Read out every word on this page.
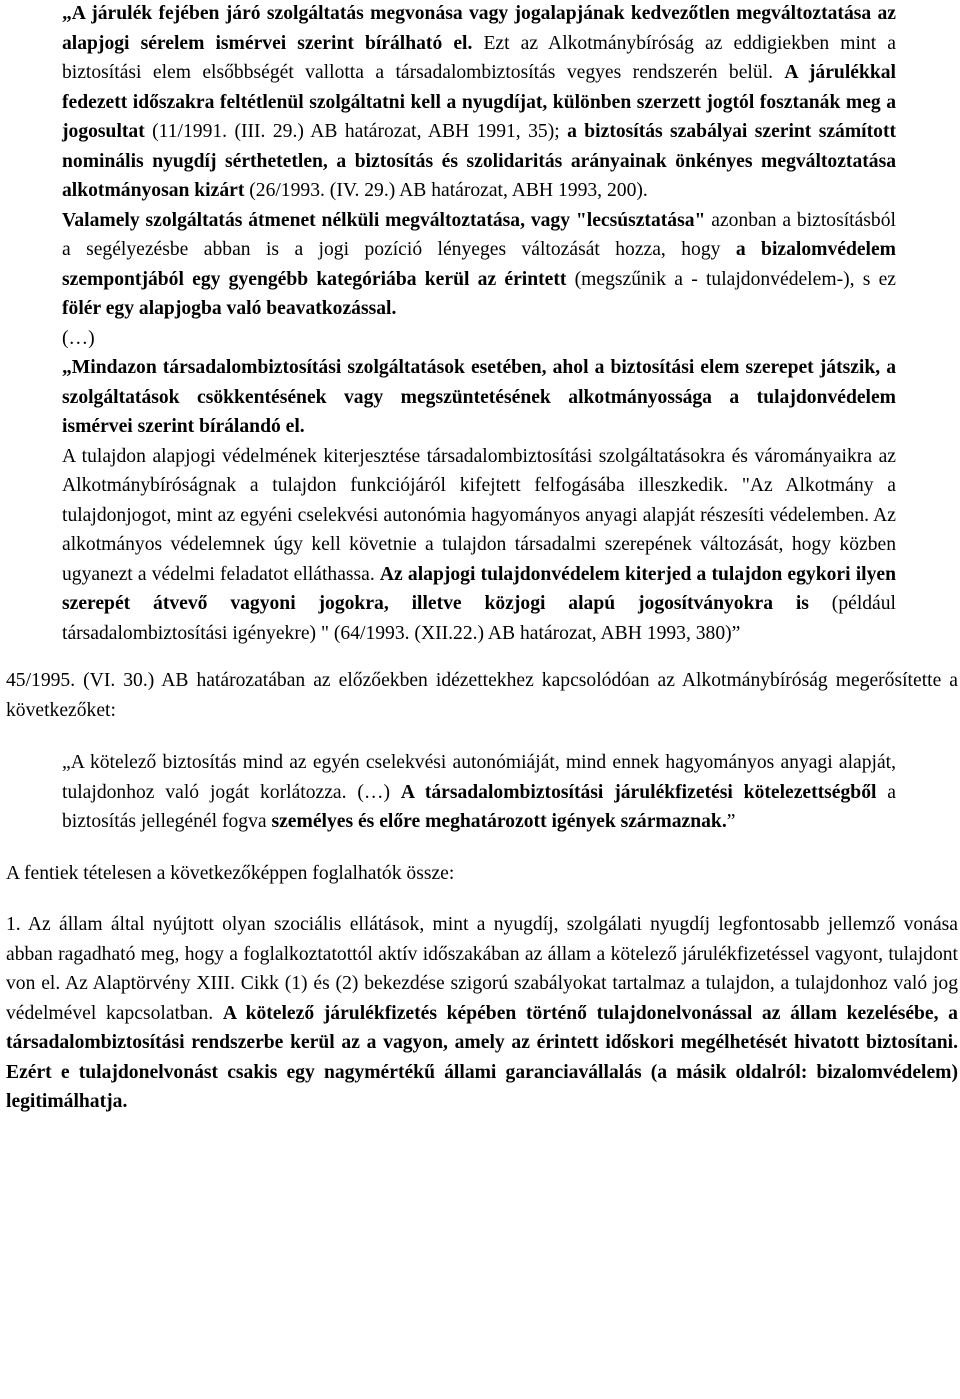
„A járulék fejében járó szolgáltatás megvonása vagy jogalapjának kedvezőtlen megváltoztatása az alapjogi sérelem ismérvei szerint bírálható el. Ezt az Alkotmánybíróság az eddigiekben mint a biztosítási elem elsőbbségét vallotta a társadalombiztosítás vegyes rendszerén belül. A járulékkal fedezett időszakra feltétlenül szolgáltatni kell a nyugdíjat, különben szerzett jogtól fosztanák meg a jogosultat (11/1991. (III. 29.) AB határozat, ABH 1991, 35); a biztosítás szabályai szerint számított nominális nyugdíj sérthetetlen, a biztosítás és szolidaritás arányainak önkényes megváltoztatása alkotmányosan kizárt (26/1993. (IV. 29.) AB határozat, ABH 1993, 200).

Valamely szolgáltatás átmenet nélküli megváltoztatása, vagy "lecsúsztatása" azonban a biztosításból a segélyezésbe abban is a jogi pozíció lényeges változását hozza, hogy a bizalomvédelem szempontjából egy gyengébb kategóriába kerül az érintett (megszűnik a - tulajdonvédelem-), s ez fölér egy alapjogba való beavatkozással.

(…)

„Mindazon társadalombiztosítási szolgáltatások esetében, ahol a biztosítási elem szerepet játszik, a szolgáltatások csökkentésének vagy megszüntetésének alkotmányossága a tulajdonvédelem ismérvei szerint bírálandó el.

A tulajdon alapjogi védelmének kiterjesztése társadalombiztosítási szolgáltatásokra és várományaikra az Alkotmánybíróságnak a tulajdon funkciójáról kifejtett felfogásába illeszkedik. "Az Alkotmány a tulajdonjogot, mint az egyéni cselekvési autonómia hagyományos anyagi alapját részesíti védelemben. Az alkotmányos védelemnek úgy kell követnie a tulajdon társadalmi szerepének változását, hogy közben ugyanezt a védelmi feladatot elláthassa. Az alapjogi tulajdonvédelem kiterjed a tulajdon egykori ilyen szerepét átvevő vagyoni jogokra, illetve közjogi alapú jogosítványokra is (például társadalombiztosítási igényekre) " (64/1993. (XII.22.) AB határozat, ABH 1993, 380)”

45/1995. (VI. 30.) AB határozatában az előzőekben idézettekhez kapcsolódóan az Alkotmánybíróság megerősítette a következőket:

„A kötelező biztosítás mind az egyén cselekvési autonómiáját, mind ennek hagyományos anyagi alapját, tulajdonhoz való jogát korlátozza. (…) A társadalombiztosítási járulékfizetési kötelezettségből a biztosítás jellegénél fogva személyes és előre meghatározott igények származnak.”

A fentiek tételesen a következőképpen foglalhatók össze:

1. Az állam által nyújtott olyan szociális ellátások, mint a nyugdíj, szolgálati nyugdíj legfontosabb jellemző vonása abban ragadható meg, hogy a foglalkoztatottól aktív időszakában az állam a kötelező járulékfizetéssel vagyont, tulajdont von el. Az Alaptörvény XIII. Cikk (1) és (2) bekezdése szigorú szabályokat tartalmaz a tulajdon, a tulajdonhoz való jog védelmével kapcsolatban. A kötelező járulékfizetés képében történő tulajdonelvonással az állam kezelésébe, a társadalombiztosítási rendszerbe kerül az a vagyon, amely az érintett időskori megélhetését hivatott biztosítani. Ezért e tulajdonelvonást csakis egy nagymértékű állami garanciavállalás (a másik oldalról: bizalomvédelem) legitimálhatja.
